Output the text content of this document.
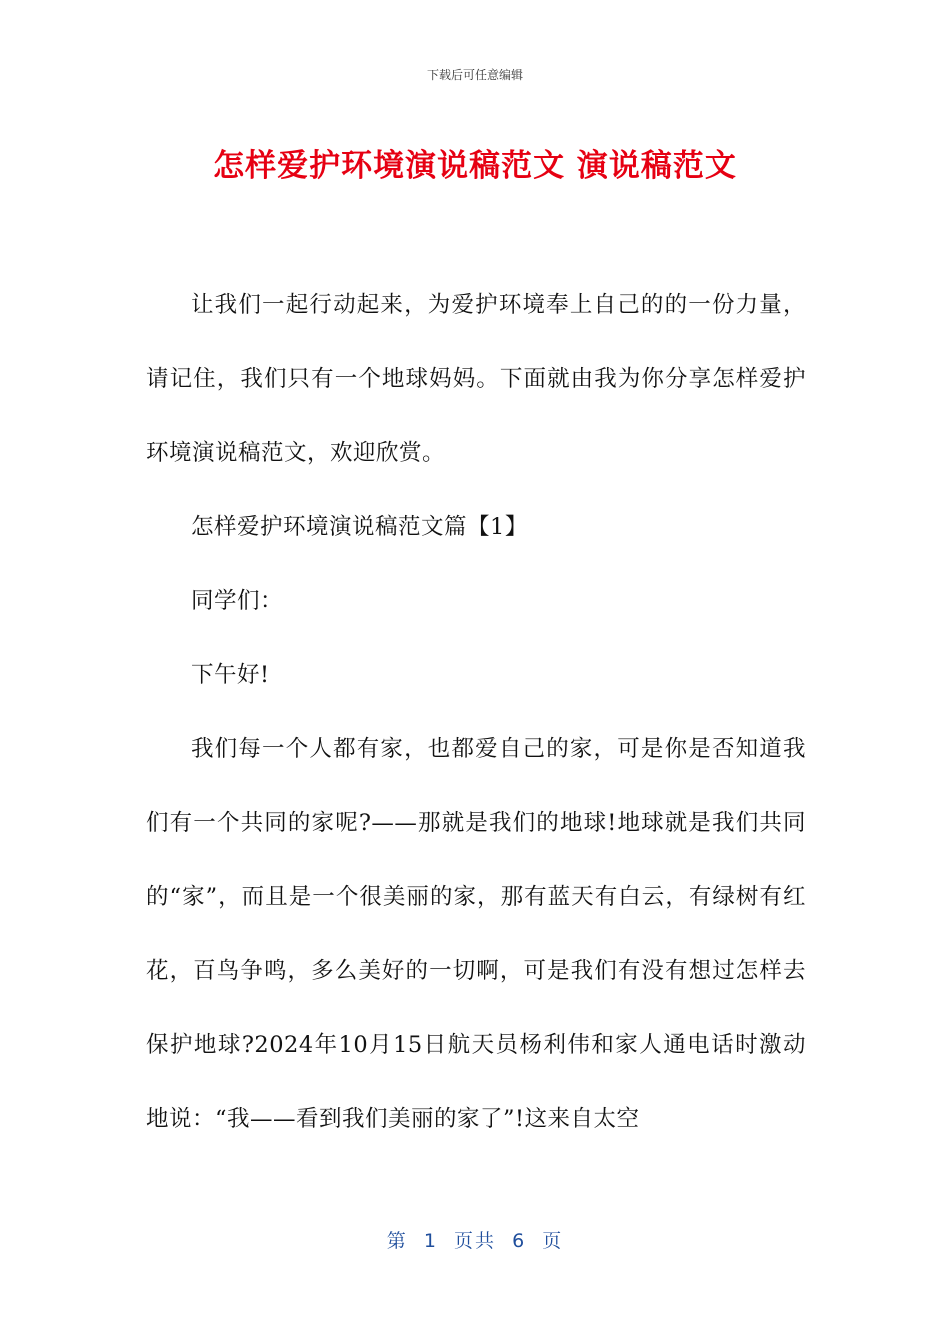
下载后可任意编辑
怎样爱护环境演说稿范文 演说稿范文

让我们一起行动起来，为爱护环境奉上自己的的一份力量，请记住，我们只有一个地球妈妈。下面就由我为你分享怎样爱护环境演说稿范文，欢迎欣赏。

怎样爱护环境演说稿范文篇【1】

同学们：

下午好!

我们每一个人都有家，也都爱自己的家，可是你是否知道我们有一个共同的家呢?——那就是我们的地球!地球就是我们共同的“家”，而且是一个很美丽的家，那有蓝天有白云，有绿树有红花，百鸟争鸣，多么美好的一切啊，可是我们有没有想过怎样去保护地球?2024年10月15日航天员杨利伟和家人通电话时激动地说：“我——看到我们美丽的家了”!这来自太空

第  1  页共  6  页
